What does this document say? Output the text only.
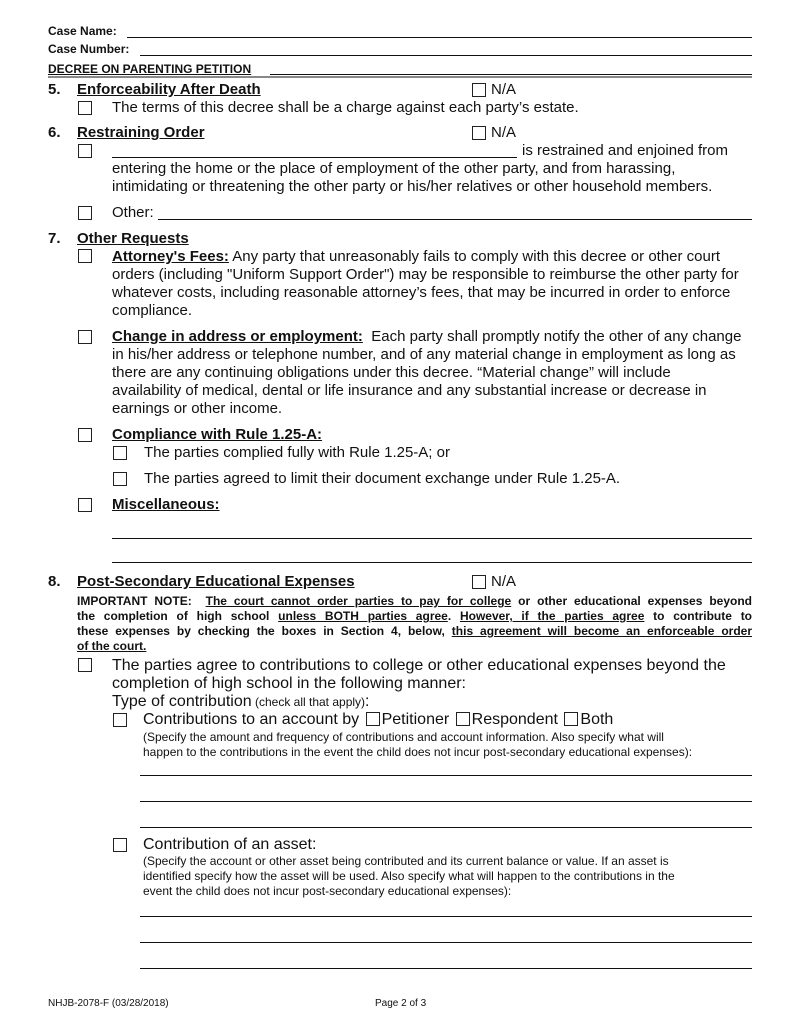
Case Name:
Case Number:
DECREE ON PARENTING PETITION
5. Enforceability After Death	N/A
The terms of this decree shall be a charge against each party’s estate.
6. Restraining Order	N/A
is restrained and enjoined from
entering the home or the place of employment of the other party, and from harassing,
intimidating or threatening the other party or his/her relatives or other household members.
Other:
7. Other Requests
Attorney's Fees: Any party that unreasonably fails to comply with this decree or other court
orders (including "Uniform Support Order") may be responsible to reimburse the other party for
whatever costs, including reasonable attorney’s fees, that may be incurred in order to enforce
compliance.
Change in address or employment:  Each party shall promptly notify the other of any change
in his/her address or telephone number, and of any material change in employment as long as
there are any continuing obligations under this decree. “Material change” will include
availability of medical, dental or life insurance and any substantial increase or decrease in
earnings or other income.
Compliance with Rule 1.25-A:
The parties complied fully with Rule 1.25-A; or
The parties agreed to limit their document exchange under Rule 1.25-A.
Miscellaneous:
8. Post-Secondary Educational Expenses	N/A
IMPORTANT NOTE:  The court cannot order parties to pay for college or other educational expenses beyond
the completion of high school unless BOTH parties agree. However, if the parties agree to contribute to
these expenses by checking the boxes in Section 4, below, this agreement will become an enforceable order
of the court.
The parties agree to contributions to college or other educational expenses beyond the
completion of high school in the following manner:
Type of contribution (check all that apply):
Contributions to an account by Petitioner Respondent Both
(Specify the amount and frequency of contributions and account information. Also specify what will
happen to the contributions in the event the child does not incur post-secondary educational expenses):
Contribution of an asset:
(Specify the account or other asset being contributed and its current balance or value. If an asset is
identified specify how the asset will be used. Also specify what will happen to the contributions in the
event the child does not incur post-secondary educational expenses):
NHJB-2078-F (03/28/2018)	Page 2 of 3
